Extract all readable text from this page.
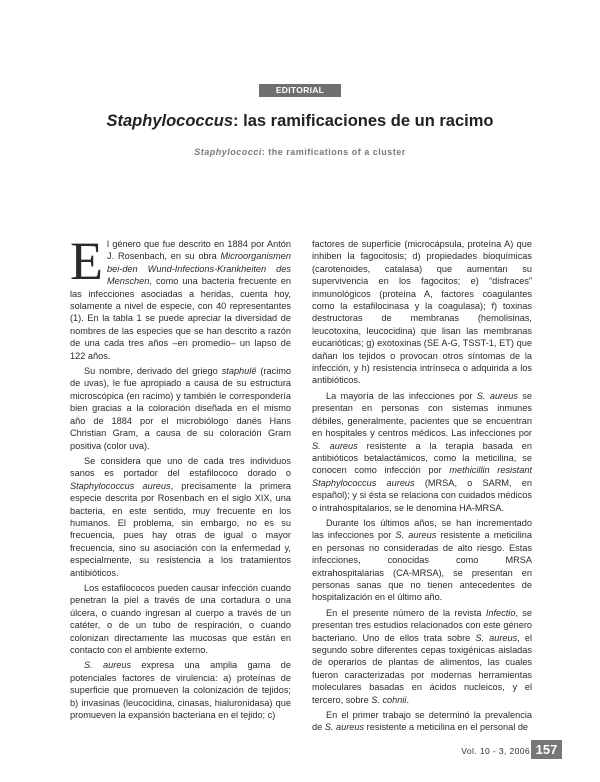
EDITORIAL
Staphylococcus: las ramificaciones de un racimo
Staphylococci: the ramifications of a cluster

El género que fue descrito en 1884 por Antón J. Rosenbach, en su obra Microorganismen bei-den Wund-Infections-Krankheiten des Menschen, como una bacteria frecuente en las infecciones asociadas a heridas, cuenta hoy, solamente a nivel de especie, con 40 representantes (1). En la tabla 1 se puede apreciar la diversidad de nombres de las especies que se han descrito a razón de una cada tres años –en promedio– un lapso de 122 años.

Su nombre, derivado del griego staphulê (racimo de uvas), le fue apropiado a causa de su estructura microscópica (en racimo) y también le correspondería bien gracias a la coloración diseñada en el mismo año de 1884 por el microbiólogo danés Hans Christian Gram, a causa de su coloración Gram positiva (color uva).

Se considera que uno de cada tres individuos sanos es portador del estafilococo dorado o Staphylococcus aureus, precisamente la primera especie descrita por Rosenbach en el siglo XIX, una bacteria, en este sentido, muy frecuente en los humanos. El problema, sin embargo, no es su frecuencia, pues hay otras de igual o mayor frecuencia, sino su asociación con la enfermedad y, especialmente, su resistencia a los tratamientos antibióticos.

Los estafilococos pueden causar infección cuando penetran la piel a través de una cortadura o una úlcera, o cuando ingresan al cuerpo a través de un catéter, o de un tubo de respiración, o cuando colonizan directamente las mucosas que están en contacto con el ambiente externo.

S. aureus expresa una amplia gama de potenciales factores de virulencia: a) proteínas de superficie que promueven la colonización de tejidos; b) invasinas (leucocidina, cinasas, hialuronidasa) que promueven la expansión bacteriana en el tejido; c)

factores de superficie (microcápsula, proteína A) que inhiben la fagocitosis; d) propiedades bioquímicas (carotenoides, catalasa) que aumentan su supervivencia en los fagocitos; e) “disfraces” inmunológicos (proteína A, factores coagulantes como la estafilocinasa y la coagulasa); f) toxinas destructoras de membranas (hemolisinas, leucotoxina, leucocidina) que lisan las membranas eucarióticas; g) exotoxinas (SE A-G, TSST-1, ET) que dañan los tejidos o provocan otros síntomas de la infección, y h) resistencia intrínseca o adquirida a los antibióticos.

La mayoría de las infecciones por S. aureus se presentan en personas con sistemas inmunes débiles, generalmente, pacientes que se encuentran en hospitales y centros médicos. Las infecciones por S. aureus resistente a la terapia basada en antibióticos betalactámicos, como la meticilina, se conocen como infección por methicillin resistant Staphylococcus aureus (MRSA, o SARM, en español); y si ésta se relaciona con cuidados médicos o intrahospitalarios, se le denomina HA-MRSA.

Durante los últimos años, se han incrementado las infecciones por S. aureus resistente a meticilina en personas no consideradas de alto riesgo. Estas infecciones, conocidas como MRSA extrahospitalarias (CA-MRSA), se presentan en personas sanas que no tienen antecedentes de hospitalización en el último año.

En el presente número de la revista Infectio, se presentan tres estudios relacionados con este género bacteriano. Uno de ellos trata sobre S. aureus, el segundo sobre diferentes cepas toxigénicas aisladas de operarios de plantas de alimentos, las cuales fueron caracterizadas por modernas herramientas moleculares basadas en ácidos nucleicos, y el tercero, sobre S. cohnii.

En el primer trabajo se determinó la prevalencia de S. aureus resistente a meticilina en el personal de

Vol. 10 - 3, 2006 157
